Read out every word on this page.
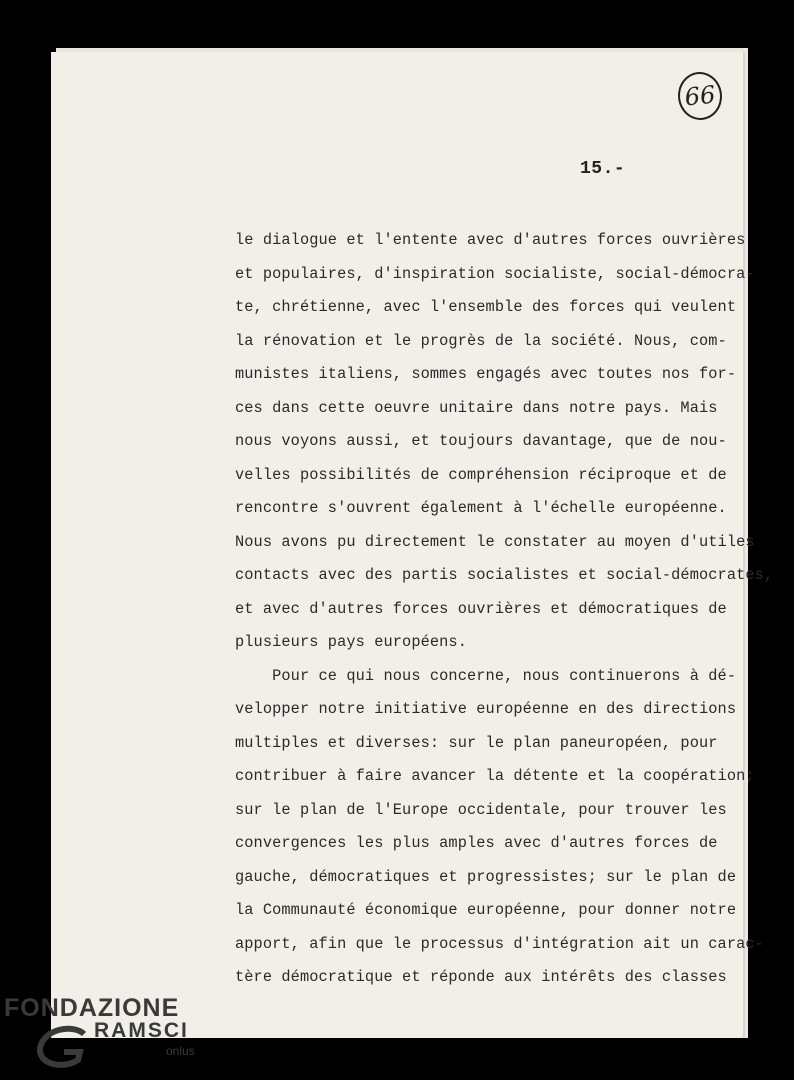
66
15.-
le dialogue et l'entente avec d'autres forces ouvrières
et populaires, d'inspiration socialiste, social-démocra-
te, chrétienne, avec l'ensemble des forces qui veulent
la rénovation et le progrès de la société. Nous, com-
munistes italiens, sommes engagés avec toutes nos for-
ces dans cette oeuvre unitaire dans notre pays. Mais
nous voyons aussi, et toujours davantage, que de nou-
velles possibilités de compréhension réciproque et de
rencontre s'ouvrent également à l'échelle européenne.
Nous avons pu directement le constater au moyen d'utiles
contacts avec des partis socialistes et social-démocrates,
et avec d'autres forces ouvrières et démocratiques de
plusieurs pays européens.
Pour ce qui nous concerne, nous continuerons à dé-
velopper notre initiative européenne en des directions
multiples et diverses: sur le plan paneuropéen, pour
contribuer à faire avancer la détente et la coopération;
sur le plan de l'Europe occidentale, pour trouver les
convergences les plus amples avec d'autres forces de
gauche, démocratiques et progressistes; sur le plan de
la Communauté économique européenne, pour donner notre
apport, afin que le processus d'intégration ait un carac-
tère démocratique et réponde aux intérêts des classes
FONDAZIONE
RAMSCI
onlus
